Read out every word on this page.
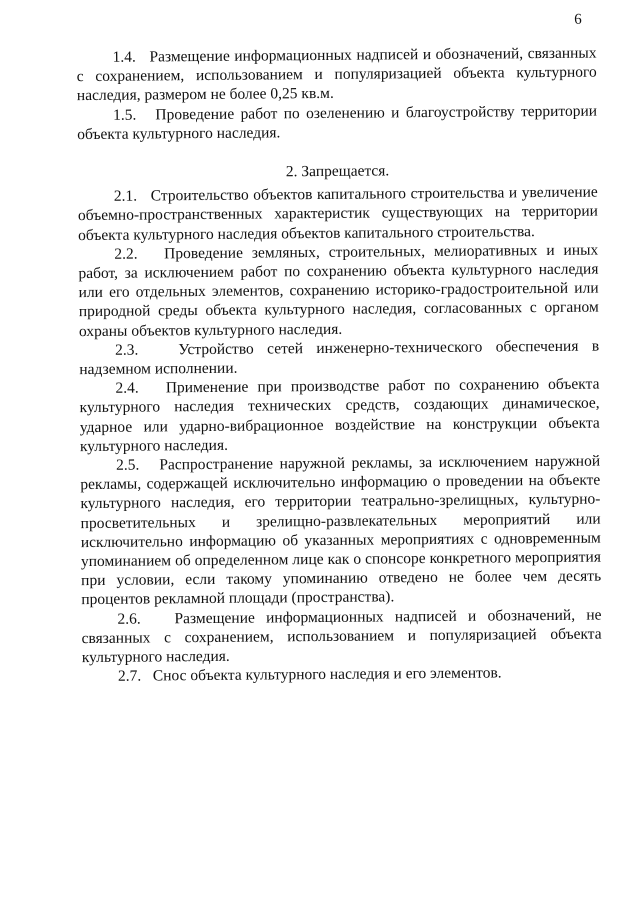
6

1.4. Размещение информационных надписей и обозначений, связанных с сохранением, использованием и популяризацией объекта культурного наследия, размером не более 0,25 кв.м.

1.5. Проведение работ по озеленению и благоустройству территории объекта культурного наследия.

2. Запрещается.

2.1. Строительство объектов капитального строительства и увеличение объемно-пространственных характеристик существующих на территории объекта культурного наследия объектов капитального строительства.

2.2. Проведение земляных, строительных, мелиоративных и иных работ, за исключением работ по сохранению объекта культурного наследия или его отдельных элементов, сохранению историко-градостроительной или природной среды объекта культурного наследия, согласованных с органом охраны объектов культурного наследия.

2.3.	Устройство сетей инженерно-технического обеспечения в надземном исполнении.

2.4. Применение при производстве работ по сохранению объекта культурного наследия технических средств, создающих динамическое, ударное или ударно-вибрационное воздействие на конструкции объекта культурного наследия.

2.5. Распространение наружной рекламы, за исключением наружной рекламы, содержащей исключительно информацию о проведении на объекте культурного наследия, его территории театрально-зрелищных, культурно-просветительных и зрелищно-развлекательных мероприятий или исключительно информацию об указанных мероприятиях с одновременным упоминанием об определенном лице как о спонсоре конкретного мероприятия при условии, если такому упоминанию отведено не более чем десять процентов рекламной площади (пространства).

2.6. Размещение информационных надписей и обозначений, не связанных с сохранением, использованием и популяризацией объекта культурного наследия.

2.7. Снос объекта культурного наследия и его элементов.
